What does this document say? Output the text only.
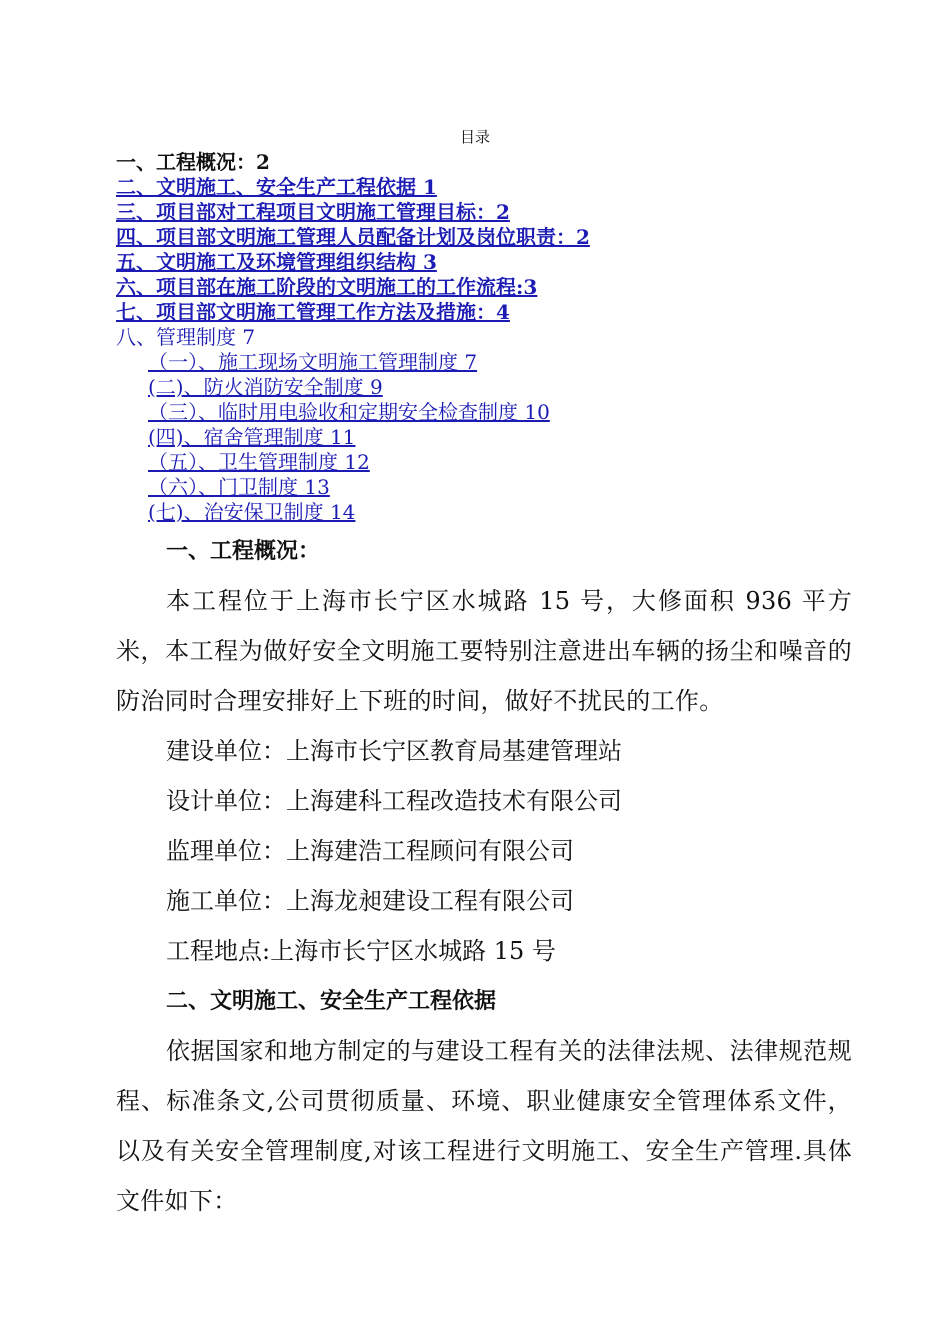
目录
一、工程概况：2
二、文明施工、安全生产工程依据 1
三、项目部对工程项目文明施工管理目标：2
四、项目部文明施工管理人员配备计划及岗位职责：2
五、文明施工及环境管理组织结构 3
六、项目部在施工阶段的文明施工的工作流程:3
七、项目部文明施工管理工作方法及措施：4
八、管理制度 7
（一）、施工现场文明施工管理制度 7
(二)、防火消防安全制度 9
（三）、临时用电验收和定期安全检查制度 10
(四)、宿舍管理制度 11
（五）、卫生管理制度 12
（六）、门卫制度 13
(七)、治安保卫制度 14
一、工程概况：
本工程位于上海市长宁区水城路 15 号，大修面积 936 平方米，本工程为做好安全文明施工要特别注意进出车辆的扬尘和噪音的防治同时合理安排好上下班的时间，做好不扰民的工作。
建设单位：上海市长宁区教育局基建管理站
设计单位：上海建科工程改造技术有限公司
监理单位：上海建浩工程顾问有限公司
施工单位：上海龙昶建设工程有限公司
工程地点:上海市长宁区水城路 15 号
二、文明施工、安全生产工程依据
依据国家和地方制定的与建设工程有关的法律法规、法律规范规程、标准条文,公司贯彻质量、环境、职业健康安全管理体系文件，以及有关安全管理制度,对该工程进行文明施工、安全生产管理.具体文件如下：
